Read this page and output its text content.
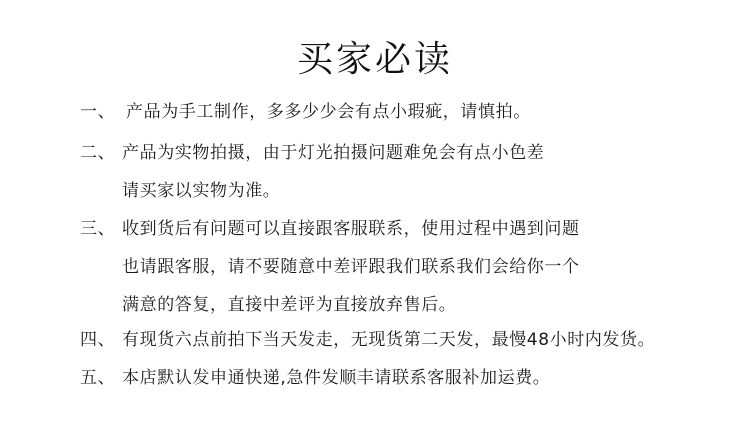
买家必读
一、 产品为手工制作，多多少少会有点小瑕疵，请慎拍。
二、 产品为实物拍摄，由于灯光拍摄问题难免会有点小色差
请买家以实物为准。
三、 收到货后有问题可以直接跟客服联系，使用过程中遇到问题
也请跟客服，请不要随意中差评跟我们联系我们会给你一个
满意的答复，直接中差评为直接放弃售后。
四、 有现货六点前拍下当天发走，无现货第二天发，最慢48小时内发货。
五、 本店默认发申通快递,急件发顺丰请联系客服补加运费。
